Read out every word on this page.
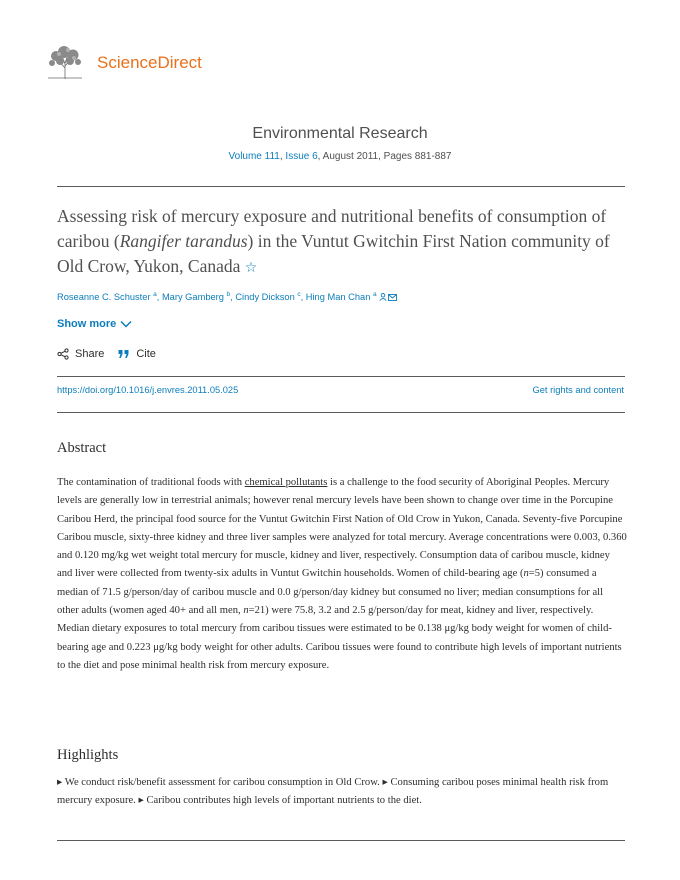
ScienceDirect
Environmental Research
Volume 111, Issue 6, August 2011, Pages 881-887
Assessing risk of mercury exposure and nutritional benefits of consumption of caribou (Rangifer tarandus) in the Vuntut Gwitchin First Nation community of Old Crow, Yukon, Canada ☆
Roseanne C. Schuster $^a$, Mary Gamberg $^b$, Cindy Dickson $^c$, Hing Man Chan $^a$
Show more
Share	Cite
https://doi.org/10.1016/j.envres.2011.05.025	Get rights and content
Abstract
The contamination of traditional foods with chemical pollutants is a challenge to the food security of Aboriginal Peoples. Mercury levels are generally low in terrestrial animals; however renal mercury levels have been shown to change over time in the Porcupine Caribou Herd, the principal food source for the Vuntut Gwitchin First Nation of Old Crow in Yukon, Canada. Seventy-five Porcupine Caribou muscle, sixty-three kidney and three liver samples were analyzed for total mercury. Average concentrations were 0.003, 0.360 and 0.120 mg/kg wet weight total mercury for muscle, kidney and liver, respectively. Consumption data of caribou muscle, kidney and liver were collected from twenty-six adults in Vuntut Gwitchin households. Women of child-bearing age (n=5) consumed a median of 71.5 g/person/day of caribou muscle and 0.0 g/person/day kidney but consumed no liver; median consumptions for all other adults (women aged 40+ and all men, n=21) were 75.8, 3.2 and 2.5 g/person/day for meat, kidney and liver, respectively. Median dietary exposures to total mercury from caribou tissues were estimated to be 0.138 μg/kg body weight for women of child-bearing age and 0.223 μg/kg body weight for other adults. Caribou tissues were found to contribute high levels of important nutrients to the diet and pose minimal health risk from mercury exposure.
Highlights
▸ We conduct risk/benefit assessment for caribou consumption in Old Crow. ▸ Consuming caribou poses minimal health risk from mercury exposure. ▸ Caribou contributes high levels of important nutrients to the diet.
